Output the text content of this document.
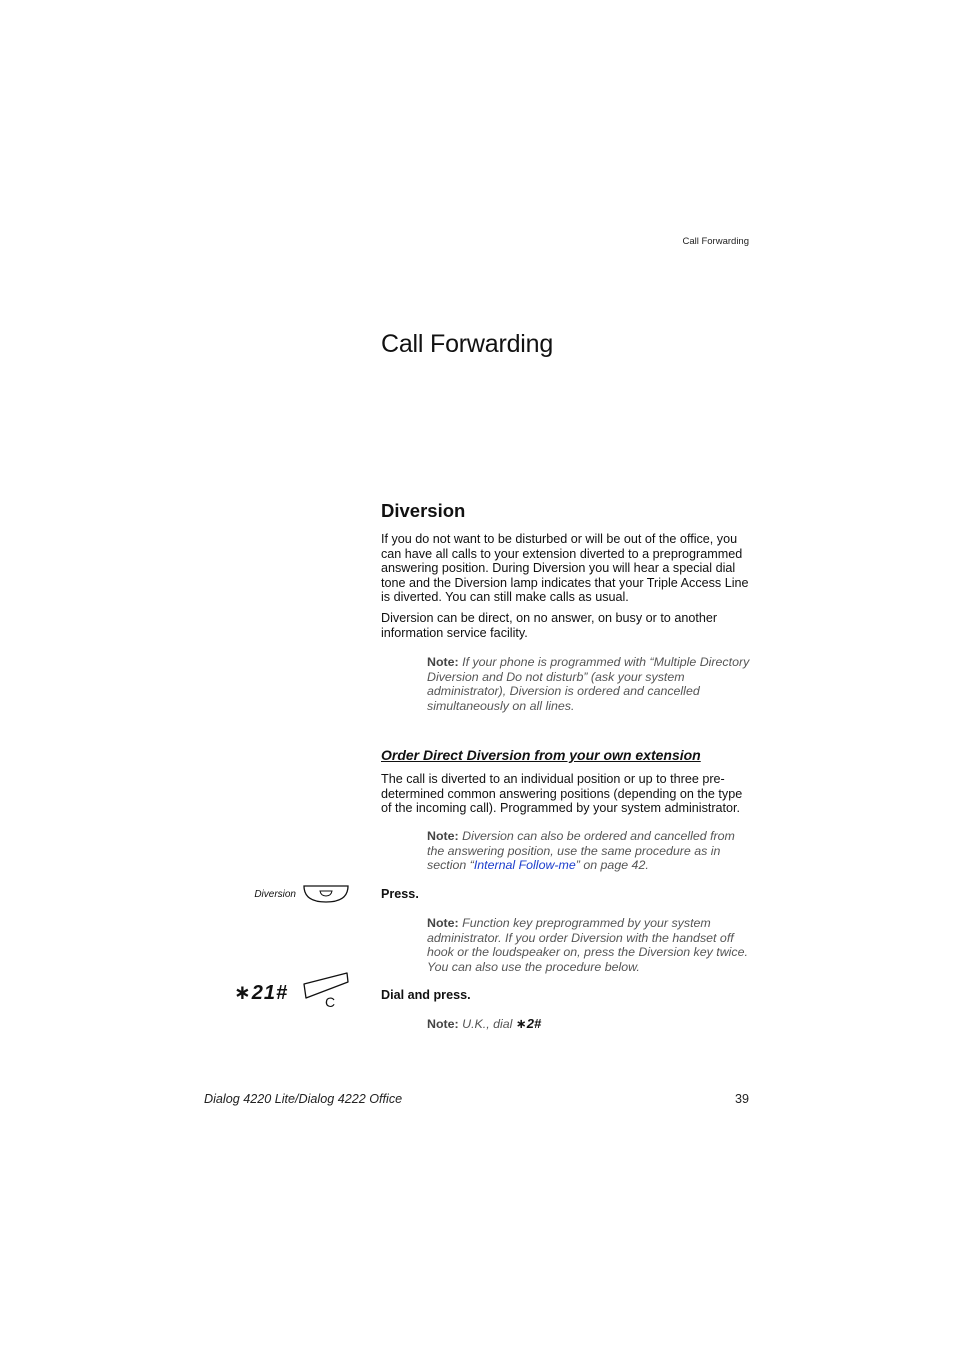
Call Forwarding
Call Forwarding
Diversion

If you do not want to be disturbed or will be out of the office, you can have all calls to your extension diverted to a preprogrammed answering position. During Diversion you will hear a special dial tone and the Diversion lamp indicates that your Triple Access Line is diverted. You can still make calls as usual.

Diversion can be direct, on no answer, on busy or to another information service facility.

Note: If your phone is programmed with “Multiple Directory Diversion and Do not disturb” (ask your system administrator), Diversion is ordered and cancelled simultaneously on all lines.

Order Direct Diversion from your own extension

The call is diverted to an individual position or up to three pre-determined common answering positions (depending on the type of the incoming call). Programmed by your system administrator.

Note: Diversion can also be ordered and cancelled from the answering position, use the same procedure as in section “Internal Follow-me” on page 42.

Diversion	Press.

Note: Function key preprogrammed by your system administrator. If you order Diversion with the handset off hook or the loudspeaker on, press the Diversion key twice. You can also use the procedure below.

∗21#	C	Dial and press.

Note: U.K., dial ∗2#

Dialog 4220 Lite/Dialog 4222 Office	39
